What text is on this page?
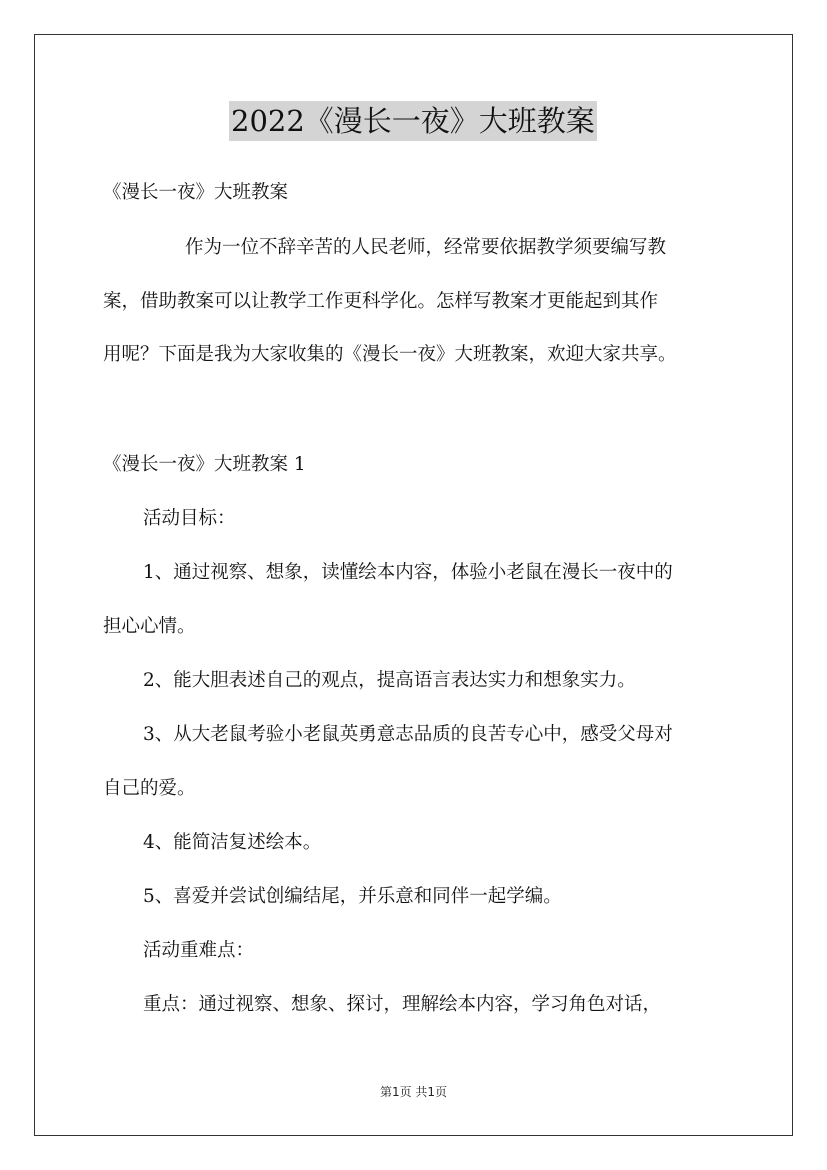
2022《漫长一夜》大班教案
《漫长一夜》大班教案
作为一位不辞辛苦的人民老师，经常要依据教学须要编写教
案，借助教案可以让教学工作更科学化。怎样写教案才更能起到其作
用呢？下面是我为大家收集的《漫长一夜》大班教案，欢迎大家共享。
《漫长一夜》大班教案 1
活动目标：
1、通过视察、想象，读懂绘本内容，体验小老鼠在漫长一夜中的
担心心情。
2、能大胆表述自己的观点，提高语言表达实力和想象实力。
3、从大老鼠考验小老鼠英勇意志品质的良苦专心中，感受父母对
自己的爱。
4、能简洁复述绘本。
5、喜爱并尝试创编结尾，并乐意和同伴一起学编。
活动重难点：
重点：通过视察、想象、探讨，理解绘本内容，学习角色对话，
第1页 共1页
